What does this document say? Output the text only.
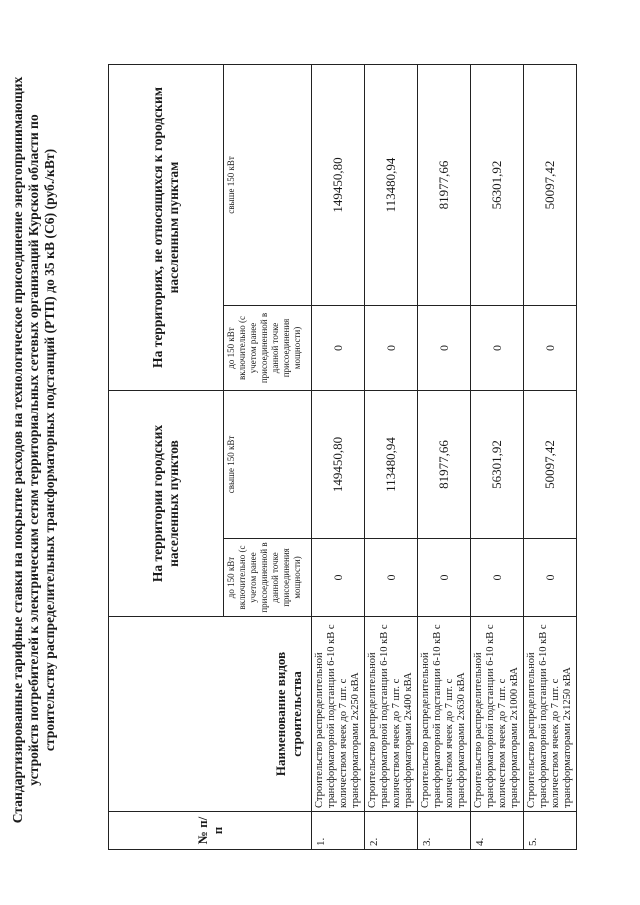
Стандартизированные тарифные ставки на покрытие расходов на технологическое присоединение энергопринимающих устройств потребителей к электрическим сетям территориальных сетевых организаций Курской области по строительству распределительных трансформаторных подстанций (РТП) до 35 кВ (С6) (руб./кВт)
№ п/п	Наименование видов строительства	На территории городских населенных пунктов		На территориях, не относящихся к городским населенным пунктам	
		до 150 кВт включительно (с учетом ранее присоединенной в данной точке присоединения мощности)	свыше 150 кВт	до 150 кВт включительно (с учетом ранее присоединенной в данной точке присоединения мощности)	свыше 150 кВт
1.	Строительство распределительной трансформаторной подстанции 6-10 кВ с количеством ячеек до 7 шт. с трансформаторами 2х250 кВА	0	149450,80	0	149450,80
2.	Строительство распределительной трансформаторной подстанции 6-10 кВ с количеством ячеек до 7 шт. с трансформаторами 2х400 кВА	0	113480,94	0	113480,94
3.	Строительство распределительной трансформаторной подстанции 6-10 кВ с количеством ячеек до 7 шт. с трансформаторами 2х630 кВА	0	81977,66	0	81977,66
4.	Строительство распределительной трансформаторной подстанции 6-10 кВ с количеством ячеек до 7 шт. с трансформаторами 2х1000 кВА	0	56301,92	0	56301,92
5.	Строительство распределительной трансформаторной подстанции 6-10 кВ с количеством ячеек до 7 шт. с трансформаторами 2х1250 кВА	0	50097,42	0	50097,42
